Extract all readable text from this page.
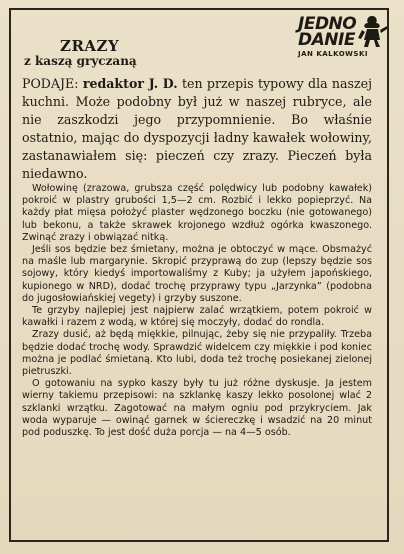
ZRAZY
z kaszą gryczaną
JEDNO
DANIE
JAN KALKOWSKI
PODAJE: redaktor J. D. ten przepis typowy dla naszej kuchni. Może podobny był już w naszej rubryce, ale nie zaszkodzi jego przypomnienie. Bo właśnie ostatnio, mając do dyspozycji ładny kawałek wołowiny, zastanawiałem się: pieczeń czy zrazy. Pieczeń była niedawno.

Wołowinę (zrazowa, grubsza część polędwicy lub podobny kawałek) pokroić w plastry grubości 1,5—2 cm. Rozbić i lekko popieprzyć. Na każdy płat mięsa położyć plaster wędzonego boczku (nie gotowanego) lub bekonu, a także skrawek krojonego wzdłuż ogórka kwaszonego. Zwinąć zrazy i obwiązać nitką.

Jeśli sos będzie bez śmietany, można je obtoczyć w mące. Obsmażyć na maśle lub margarynie. Skropić przyprawą do zup (lepszy będzie sos sojowy, który kiedyś importowaliśmy z Kuby; ja użyłem japońskiego, kupionego w NRD), dodać trochę przyprawy typu „Jarzynka” (podobna do jugosłowiańskiej vegety) i grzyby suszone.

Te grzyby najlepiej jest najpierw zalać wrzątkiem, potem pokroić w kawałki i razem z wodą, w której się moczyły, dodać do rondla.

Zrazy dusić, aż będą miękkie, pilnując, żeby się nie przypaliły. Trzeba będzie dodać trochę wody. Sprawdzić widelcem czy miękkie i pod koniec można je podlać śmietaną. Kto lubi, doda też trochę posiekanej zielonej pietruszki.

O gotowaniu na sypko kaszy były tu już różne dyskusje. Ja jestem wierny takiemu przepisowi: na szklankę kaszy lekko posolonej wlać 2 szklanki wrzątku. Zagotować na małym ogniu pod przykryciem. Jak woda wyparuje — owinąć garnek w ściereczkę i wsadzić na 20 minut pod poduszkę. To jest dość duża porcja — na 4—5 osób.
